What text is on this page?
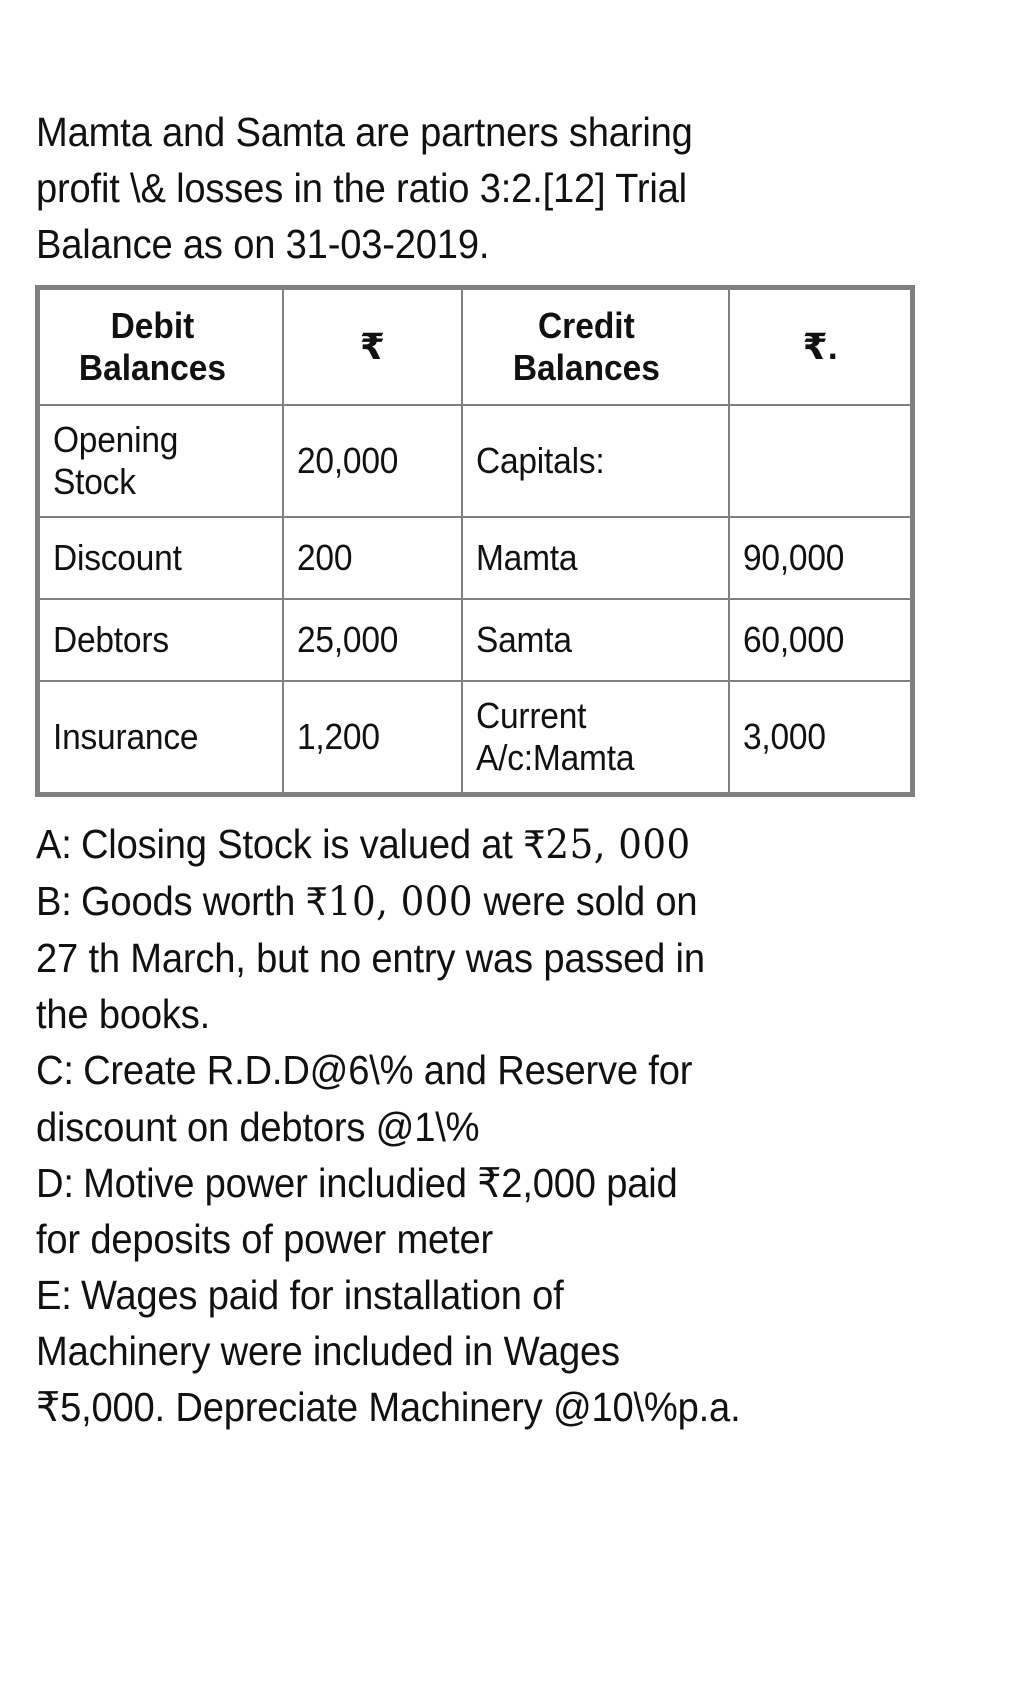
Mamta and Samta are partners sharing
profit \& losses in the ratio 3:2.[12] Trial
Balance as on 31-03-2019.

Debit Balances	₹	Credit Balances	₹.
Opening Stock	20,000	Capitals:	
Discount	200	Mamta	90,000
Debtors	25,000	Samta	60,000
Insurance	1,200	Current A/c:Mamta	3,000
A: Closing Stock is valued at ₹25, 000
B: Goods worth ₹10, 000 were sold on
27 th March, but no entry was passed in
the books.
C: Create R.D.D@6\% and Reserve for
discount on debtors @1\%
D: Motive power includied ₹2,000 paid
for deposits of power meter
E: Wages paid for installation of
Machinery were included in Wages
₹5,000. Depreciate Machinery @10\%p.a.
